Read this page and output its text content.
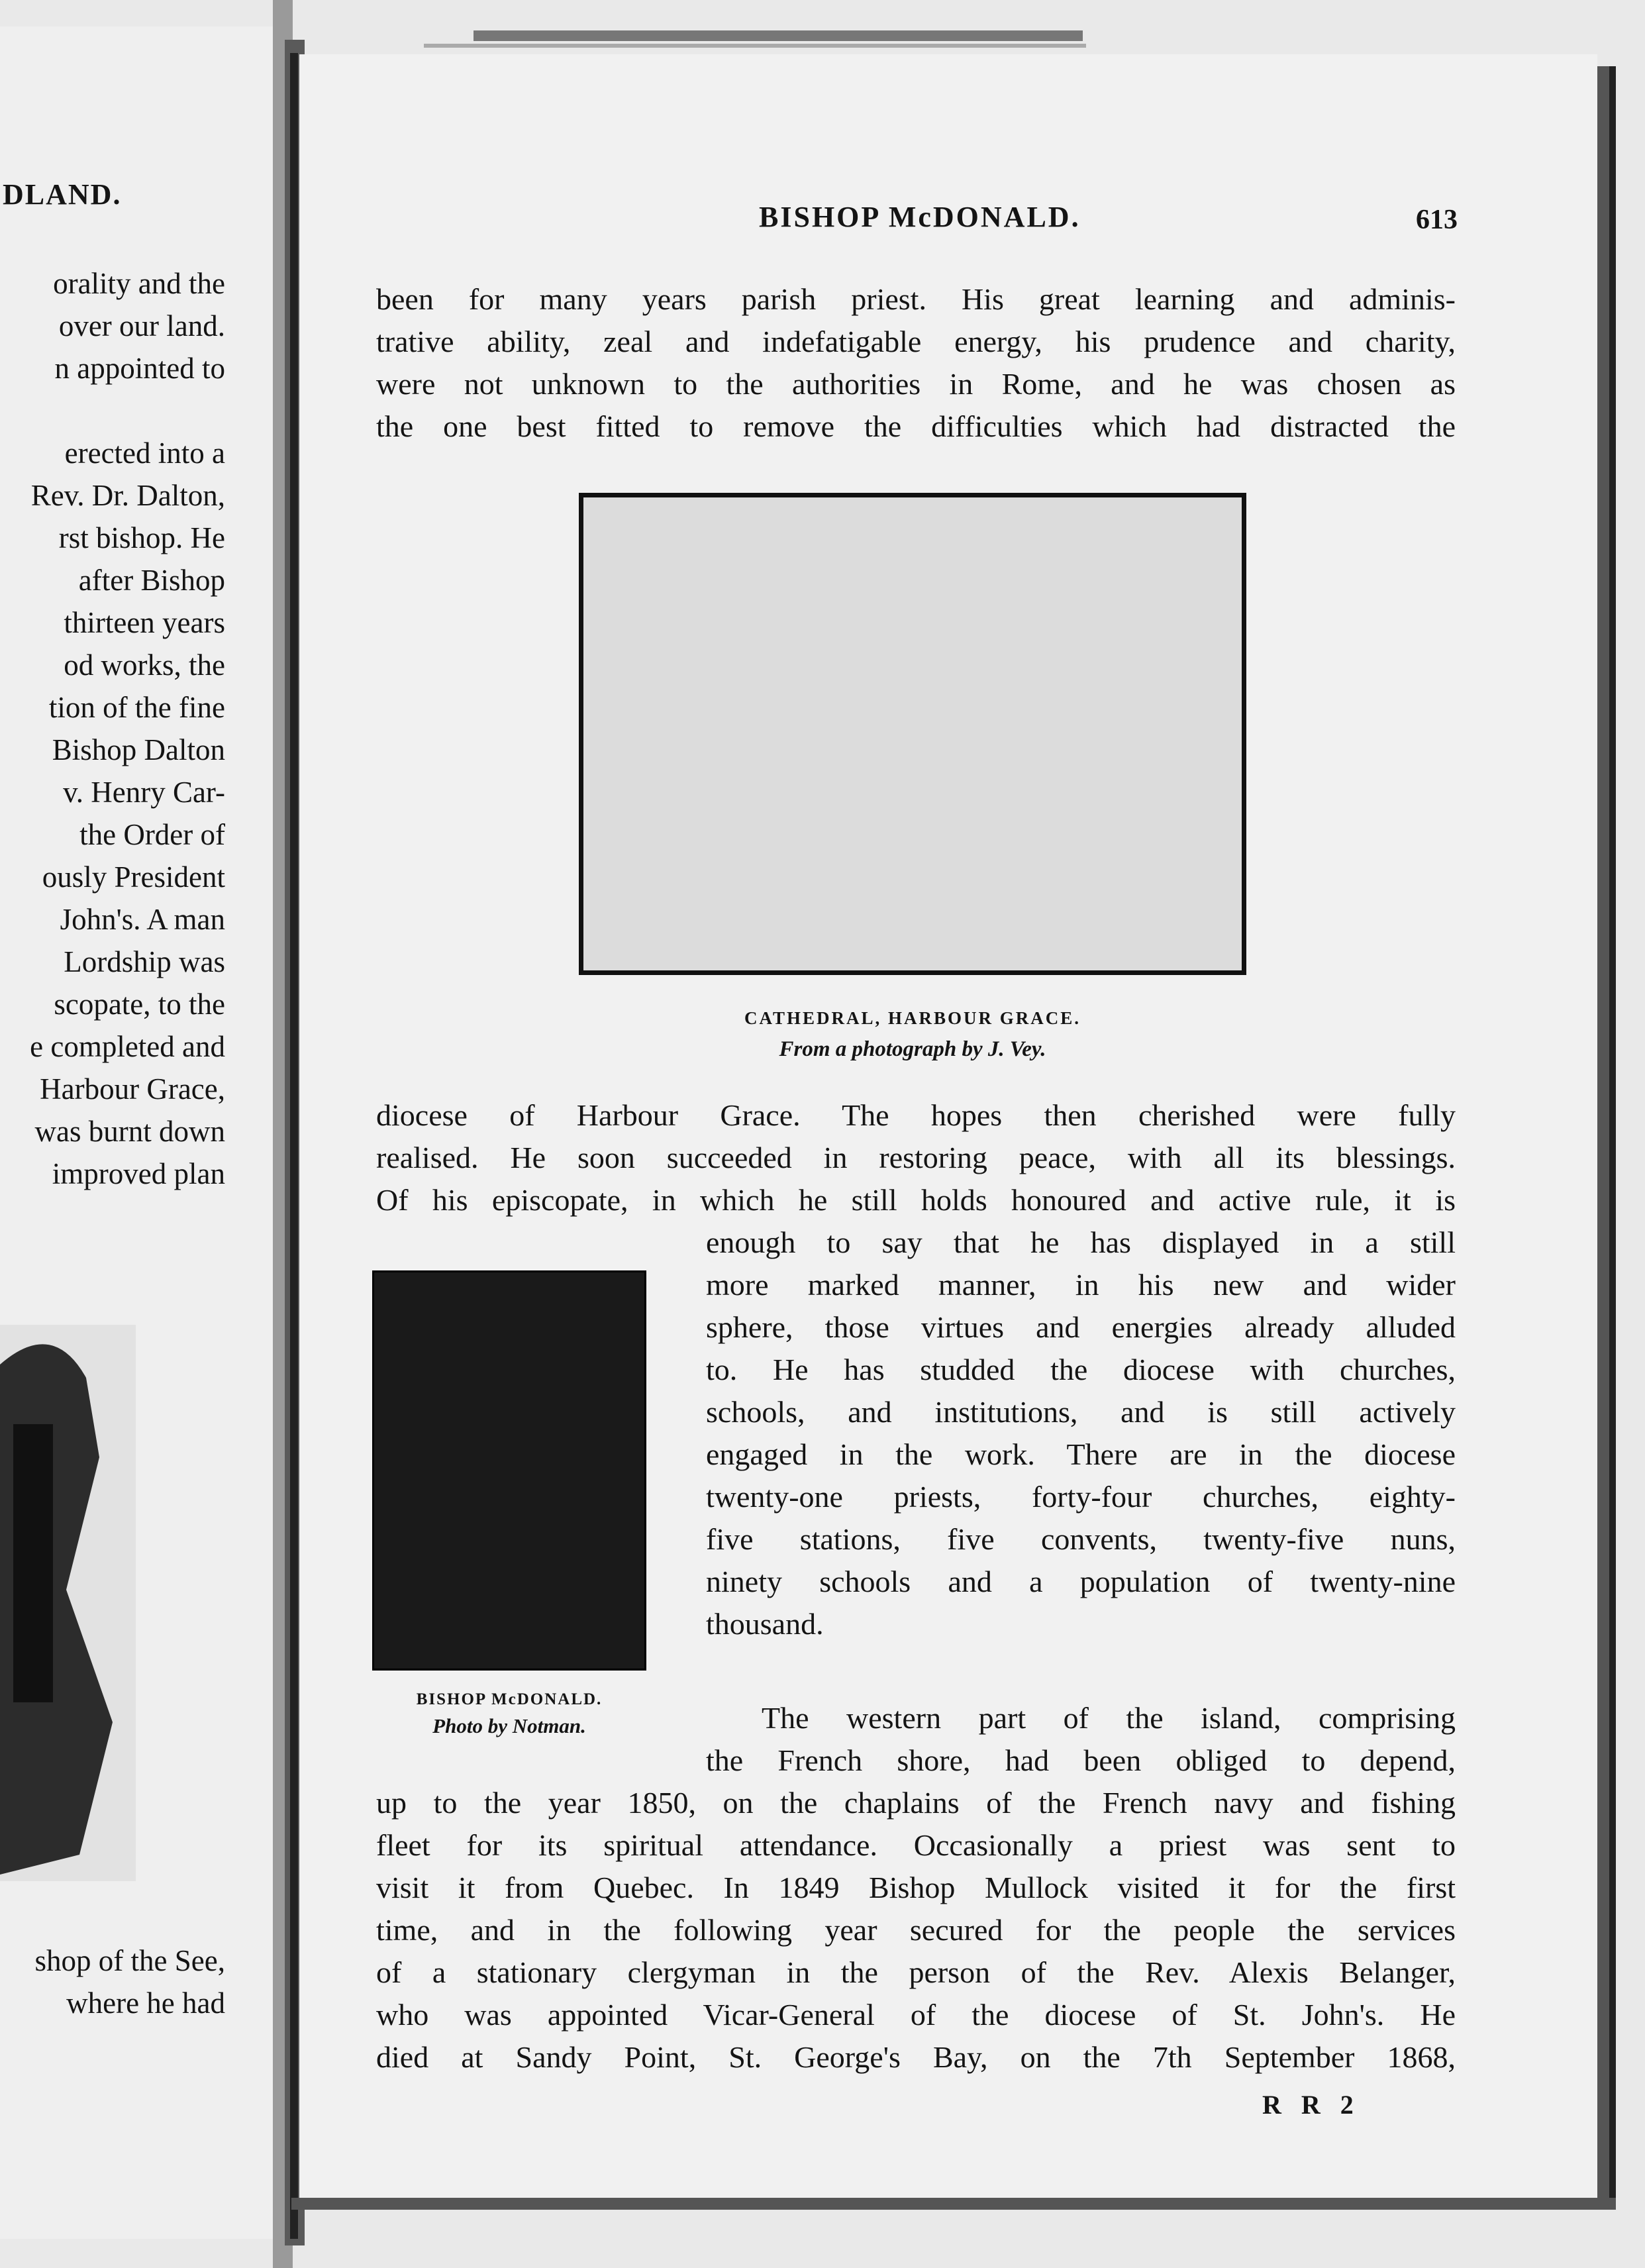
DLAND.
orality and the
over our land.
n appointed to
erected into a
Rev. Dr. Dalton,
rst bishop. He
after Bishop
thirteen years
od works, the
tion of the fine
Bishop Dalton
v. Henry Car-
the Order of
ously President
John's. A man
Lordship was
scopate, to the
e completed and
Harbour Grace,
was burnt down
improved plan
shop of the See,
where he had
BISHOP McDONALD.	613
been for many years parish priest. His great learning and adminis-
trative ability, zeal and indefatigable energy, his prudence and charity,
were not unknown to the authorities in Rome, and he was chosen as
the one best fitted to remove the difficulties which had distracted the
CATHEDRAL, HARBOUR GRACE.
From a photograph by J. Vey.
diocese of Harbour Grace. The hopes then cherished were fully
realised. He soon succeeded in restoring peace, with all its blessings.
Of his episcopate, in which he still holds honoured and active rule, it is
enough to say that he has displayed in a still
more marked manner, in his new and wider
sphere, those virtues and energies already alluded
to. He has studded the diocese with churches,
schools, and institutions, and is still actively
engaged in the work. There are in the diocese
twenty-one priests, forty-four churches, eighty-
five stations, five convents, twenty-five nuns,
ninety schools and a population of twenty-nine
thousand.
BISHOP McDONALD.
Photo by Notman.	The western part of the island, comprising
the French shore, had been obliged to depend,
up to the year 1850, on the chaplains of the French navy and fishing
fleet for its spiritual attendance. Occasionally a priest was sent to
visit it from Quebec. In 1849 Bishop Mullock visited it for the first
time, and in the following year secured for the people the services
of a stationary clergyman in the person of the Rev. Alexis Belanger,
who was appointed Vicar-General of the diocese of St. John's. He
died at Sandy Point, St. George's Bay, on the 7th September 1868,
R R 2
